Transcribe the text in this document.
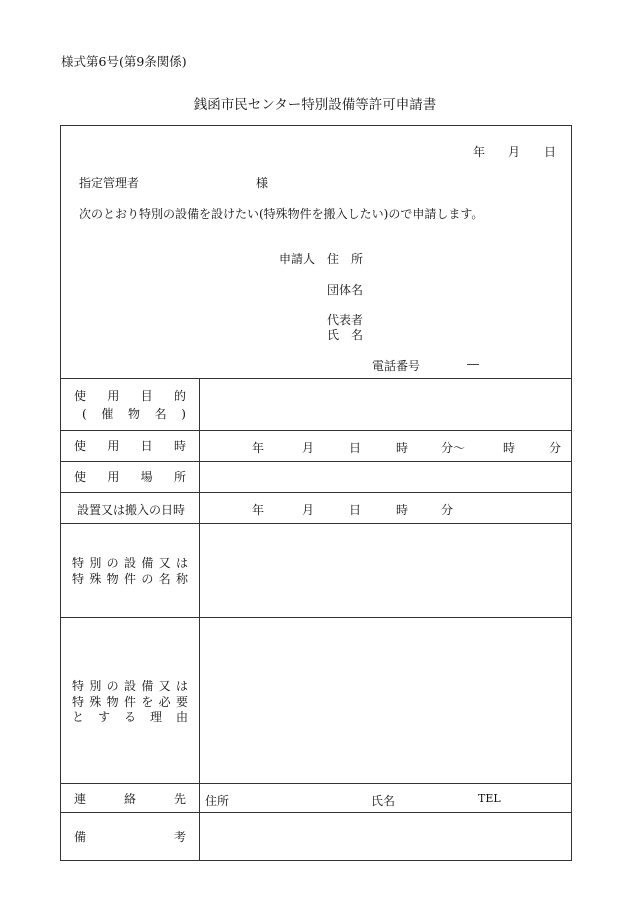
様式第6号(第9条関係)
銭函市民センター特別設備等許可申請書
年 月 日
指定管理者	様
次のとおり特別の設備を設けたい(特殊物件を搬入したい)ので申請します。
申請人 住　所
団体名
代表者
氏　名
電話番号	―
使 用 目 的
( 催 物 名 )
使 用 日 時	年	月	日	時	分〜	時	分
使 用 場 所
設置又は搬入の日時	年	月	日	時	分
特 別 の 設 備 又 は
特 殊 物 件 の 名 称
特 別 の 設 備 又 は
特 殊 物 件 を 必 要
と す る 理 由
連	絡	先 住所	氏名	TEL
備	考
